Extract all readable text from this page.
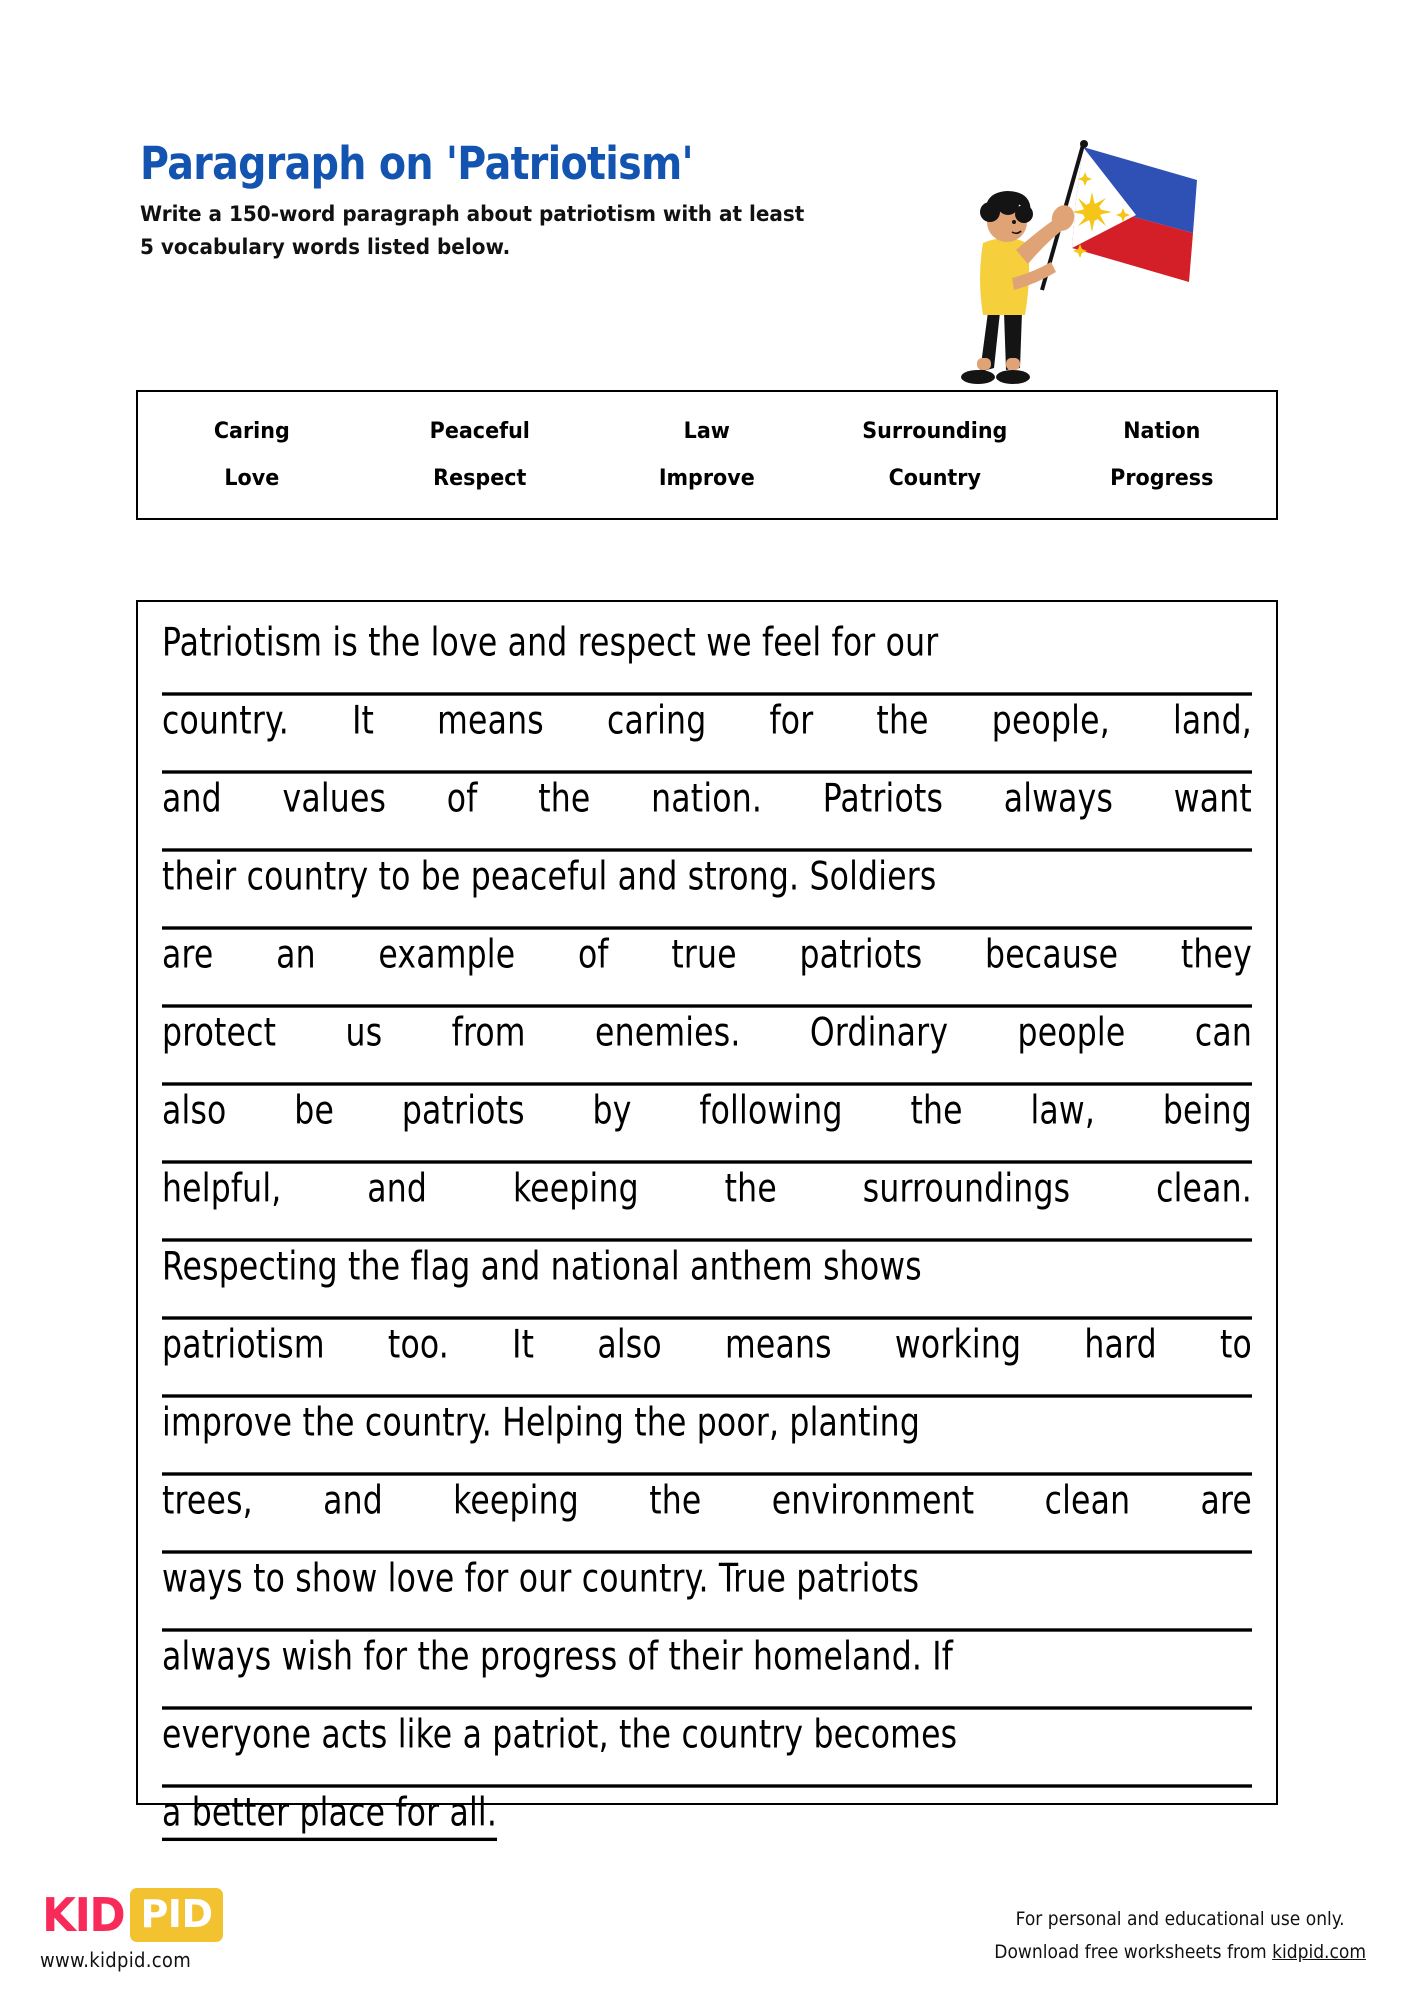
Paragraph on 'Patriotism'

Write a 150-word paragraph about patriotism with at least
5 vocabulary words listed below.

Caring	Peaceful	Law	Surrounding	Nation
Love	Respect	Improve	Country	Progress
Patriotism is the love and respect we feel for our
country. It means caring for the people, land,
and values of the nation. Patriots always want
their country to be peaceful and strong. Soldiers
are an example of true patriots because they
protect us from enemies. Ordinary people can
also be patriots by following the law, being
helpful, and keeping the surroundings clean.
Respecting the flag and national anthem shows
patriotism too. It also means working hard to
improve the country. Helping the poor, planting
trees, and keeping the environment clean are
ways to show love for our country. True patriots
always wish for the progress of their homeland. If
everyone acts like a patriot, the country becomes
a better place for all.
KID PID
www.kidpid.com
For personal and educational use only.
Download free worksheets from kidpid.com
